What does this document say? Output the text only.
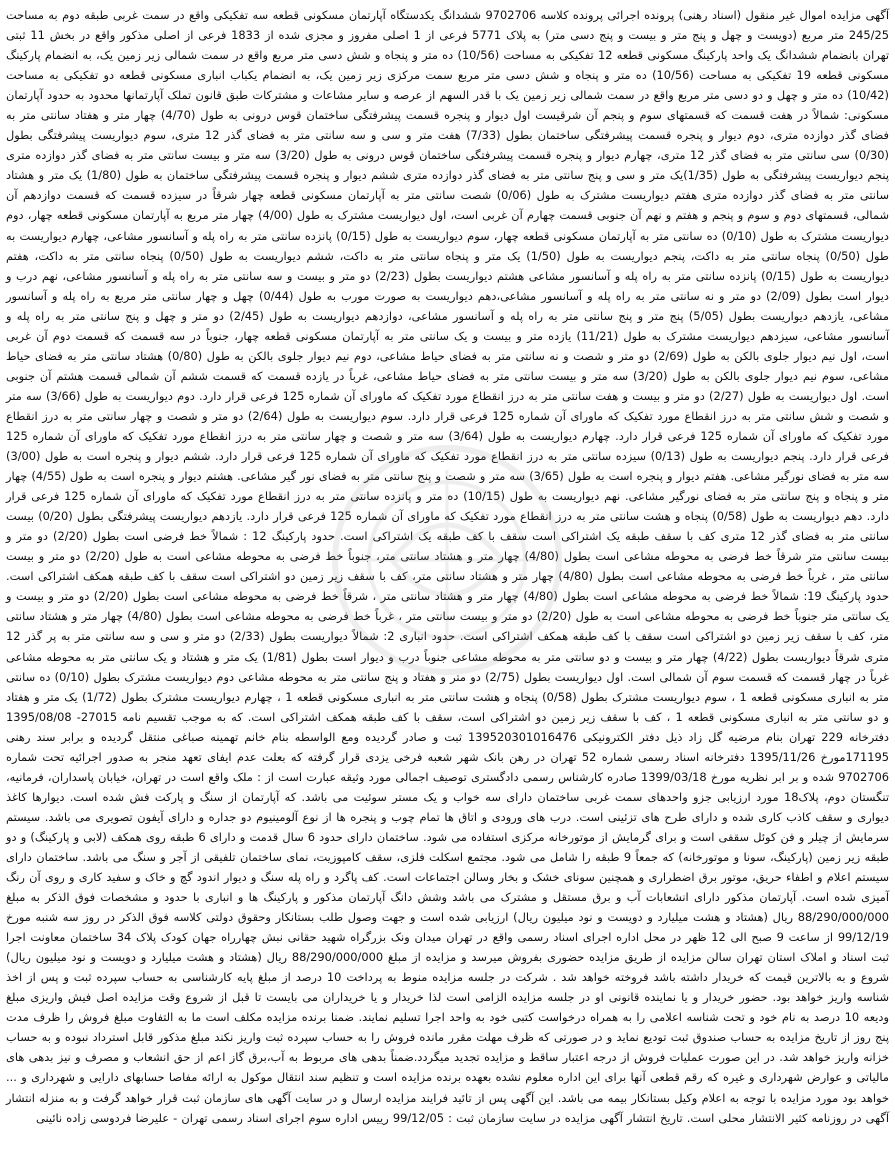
آگهی مزایده اموال غیر منقول (اسناد رهنی) پرونده اجرائی پرونده کلاسه 9702706 ششدانگ یکدستگاه آپارتمان مسکونی قطعه سه تفکیکی واقع در سمت غربی طبقه دوم به مساحت 245/25 متر مربع (دویست و چهل و پنج متر و بیست و پنج دسی متر) به پلاک 5771 فرعی از 1 اصلی مفروز و مجزی شده از 1833 فرعی از اصلی مذکور واقع در بخش 11 ثبتی تهران بانضمام ششدانگ یک واحد پارکینگ مسکونی قطعه 12 تفکیکی به مساحت (10/56) ده متر و پنجاه و شش دسی متر مربع واقع در سمت شمالی زیر زمین یک، به انضمام پارکینگ مسکونی قطعه 19 تفکیکی به مساحت (10/56) ده متر و پنجاه و شش دسی متر مربع سمت مرکزی زیر زمین یک، به انضمام یکباب انباری مسکونی قطعه دو تفکیکی به مساحت (10/42) ده متر و چهل و دو دسی متر مربع واقع در سمت شمالی زیر زمین یک با قدر السهم از عرصه و سایر مشاعات و مشترکات طبق قانون تملک آپارتمانها محدود به حدود آپارتمان مسکونی: شمالاً در هفت قسمت که قسمتهای سوم و پنجم آن شرقیست اول دیوار و پنجره قسمت پیشرفتگی ساختمان قوس درونی به طول (4/70) چهار متر و هفتاد سانتی متر به فضای گذر دوازده متری، دوم دیوار و پنجره قسمت پیشرفتگی ساختمان بطول (7/33) هفت متر و سی و سه سانتی متر به فضای گذر 12 متری، سوم دیواریست پیشرفتگی بطول (0/30) سی سانتی متر به فضای گذر 12 متری، چهارم دیوار و پنجره قسمت پیشرفتگی ساختمان قوس درونی به طول (3/20) سه متر و بیست سانتی متر به فضای گذر دوازده متری پنجم دیواریست پیشرفتگی به طول (1/35)یک متر و سی و پنج سانتی متر به فضای گذر دوازده متری ششم دیوار و پنجره قسمت پیشرفتگی ساختمان به طول (1/80) یک متر و هشتاد سانتی متر به فضای گذر دوازده متری هفتم دیواریست مشترک به طول (0/06) شصت سانتی متر به آپارتمان مسکونی قطعه چهار شرقاً در سیزده قسمت که قسمت دوازدهم آن شمالی، قسمتهای دوم و سوم و پنجم و هفتم و نهم آن جنوبی قسمت چهارم آن غربی است، اول دیواریست مشترک به طول (4/00) چهار متر مربع به آپارتمان مسکونی قطعه چهار، دوم دیواریست مشترک به طول (0/10) ده سانتی متر به آپارتمان مسکونی قطعه چهار، سوم دیواریست به طول (0/15) پانزده سانتی متر به راه پله و آسانسور مشاعی، چهارم دیواریست به طول (0/50) پنجاه سانتی متر به داکت، پنجم دیواریست به طول (1/50) یک متر و پنجاه سانتی متر به داکت، ششم دیواریست به طول (0/50) پنجاه سانتی متر به داکت، هفتم دیواریست به طول (0/15) پانزده سانتی متر به راه پله و آسانسور مشاعی هشتم دیواریست بطول (2/23) دو متر و بیست و سه سانتی متر به راه پله و آسانسور مشاعی، نهم درب و دیوار است بطول (2/09) دو متر و نه سانتی متر به راه پله و آسانسور مشاعی،دهم دیواریست به صورت مورب به طول (0/44) چهل و چهار سانتی متر مربع به راه پله و آسانسور مشاعی، یازدهم دیواریست بطول (5/05) پنج متر و پنج سانتی متر به راه پله و آسانسور مشاعی، دوازدهم دیواریست به طول (2/45) دو متر و چهل و پنج سانتی متر به راه پله و آسانسور مشاعی، سیزدهم دیواریست مشترک به طول (11/21) یازده متر و بیست و یک سانتی متر به آپارتمان مسکونی قطعه چهار، جنوباً در سه قسمت که قسمت دوم آن غربی است، اول نیم دیوار جلوی بالکن به طول (2/69) دو متر و شصت و نه سانتی متر به فضای حیاط مشاعی، دوم نیم دیوار جلوی بالکن به طول (0/80) هشتاد سانتی متر به فضای حیاط مشاعی، سوم نیم دیوار جلوی بالکن به طول (3/20) سه متر و بیست سانتی متر به فضای حیاط مشاعی، غرباً در یازده قسمت که قسمت ششم آن شمالی قسمت هشتم آن جنوبی است. اول دیواریست به طول (2/27) دو متر و بیست و هفت سانتی متر به درز انقطاع مورد تفکیک که ماورای آن شماره 125 فرعی قرار دارد. دوم دیواریست به طول (3/66) سه متر و شصت و شش سانتی متر به درز انقطاع مورد تفکیک که ماورای آن شماره 125 فرعی قرار دارد. سوم دیواریست به طول (2/64) دو متر و شصت و چهار سانتی متر به درز انقطاع مورد تفکیک که ماورای آن شماره 125 فرعی قرار دارد. چهارم دیواریست به طول (3/64) سه متر و شصت و چهار سانتی متر به درز انقطاع مورد تفکیک که ماورای آن شماره 125 فرعی قرار دارد. پنجم دیواریست به طول (0/13) سیزده سانتی متر به درز انقطاع مورد تفکیک که ماورای آن شماره 125 فرعی قرار دارد. ششم دیوار و پنجره است به طول (3/00) سه متر به فضای نورگیر مشاعی. هفتم دیوار و پنجره است به طول (3/65) سه متر و شصت و پنج سانتی متر به فضای نور گیر مشاعی. هشتم دیوار و پنجره است به طول (4/55) چهار متر و پنجاه و پنج سانتی متر به فضای نورگیر مشاعی. نهم دیواریست به طول (10/15) ده متر و پانزده سانتی متر به درز انقطاع مورد تفکیک که ماورای آن شماره 125 فرعی قرار دارد. دهم دیواریست به طول (0/58) پنجاه و هشت سانتی متر به درز انقطاع مورد تفکیک که ماورای آن شماره 125 فرعی قرار دارد. یازدهم دیواریست پیشرفتگی بطول (0/20) بیست سانتی متر به فضای گذر 12 متری کف با سقف طبقه یک اشتراکی است سقف با کف طبقه یک اشتراکی است. حدود پارکینگ 12 : شمالاً خط فرضی است بطول (2/20) دو متر و بیست سانتی متر شرقاً خط فرضی به محوطه مشاعی است بطول (4/80) چهار متر و هشتاد سانتی متر، جنوباً خط فرضی به محوطه مشاعی است به طول (2/20) دو متر و بیست سانتی متر ، غرباً خط فرضی به محوطه مشاعی است بطول (4/80) چهار متر و هشتاد سانتی متر، کف با سقف زیر زمین دو اشتراکی است سقف با کف طبقه همکف اشتراکی است. حدود پارکینگ 19: شمالاً خط فرضی به محوطه مشاعی است بطول (4/80) چهار متر و هشتاد سانتی متر ، شرقاً خط فرضی به محوطه مشاعی است بطول (2/20) دو متر و بیست و یک سانتی متر جنوباً خط فرضی به محوطه مشاعی است به طول (2/20) دو متر و بیست سانتی متر ، غرباً خط فرضی به محوطه مشاعی است بطول (4/80) چهار متر و هشتاد سانتی متر، کف با سقف زیر زمین دو اشتراکی است سقف با کف طبقه همکف اشتراکی است. حدود انباری 2: شمالاً دیواریست بطول (2/33) دو متر و سی و سه سانتی متر به پر گذر 12 متری شرقاً دیواریست بطول (4/22) چهار متر و بیست و دو سانتی متر به محوطه مشاعی جنوباً درب و دیوار است بطول (1/81) یک متر و هشتاد و یک سانتی متر به محوطه مشاعی غرباً در چهار قسمت که قسمت سوم آن شمالی است. اول دیواریست بطول (2/75) دو متر و هفتاد و پنج سانتی متر به محوطه مشاعی دوم دیواریست مشترک بطول (0/10) ده سانتی متر به انباری مسکونی قطعه 1 ، سوم دیواریست مشترک بطول (0/58) پنجاه و هشت سانتی متر به انباری مسکونی قطعه 1 ، چهارم دیواریست مشترک بطول (1/72) یک متر و هفتاد و دو سانتی متر به انباری مسکونی قطعه 1 ، کف با سقف زیر زمین دو اشتراکی است، سقف با کف طبقه همکف اشتراکی است. که به موجب تقسیم نامه 27015- 1395/08/08 دفترخانه 229 تهران بنام مرضیه گل زاد ذیل دفتر الکترونیکی 139520301016476 ثبت و صادر گردیده ومع الواسطه بنام خانم تهمینه صباغی منتقل گردیده و برابر سند رهنی 171195مورخ 1395/11/26 دفترخانه اسناد رسمی شماره 52 تهران در رهن بانک شهر شعبه فرخی یزدی قرار گرفته که بعلت عدم ایفای تعهد منجر به صدور اجرائیه تحت شماره 9702706 شده و بر ابر نظریه مورخ 1399/03/18 صادره کارشناس رسمی دادگستری توصیف اجمالی مورد وثیقه عبارت است از : ملک واقع است در تهران، خیابان پاسداران، فرمانیه، تنگستان دوم، پلاک18 مورد ارزیابی جزو واحدهای سمت غربی ساختمان دارای سه خواب و یک مستر سوئیت می باشد. که آپارتمان از سنگ و پارکت فش شده است. دیوارها کاغذ دیواری و سقف کاذب کاری شده و دارای طرح های تزئینی است. درب های ورودی و اتاق ها تمام چوب و پنجره ها از نوع آلومینیوم دو جداره و دارای آیفون تصویری می باشد. سیستم سرمایش از چیلر و فن کوئل سقفی است و برای گرمایش از موتورخانه مرکزی استفاده می شود. ساختمان دارای حدود 6 سال قدمت و دارای 6 طبقه روی همکف (لابی و پارکینگ) و دو طبقه زیر زمین (پارکینگ، سونا و موتورخانه) که جمعاً 9 طبقه را شامل می شود. مجتمع اسکلت فلزی، سقف کامپوزیت، نمای ساختمان تلفیقی از آجر و سنگ می باشد. ساختمان دارای سیستم اعلام و اطفاء حریق، موتور برق اضطراری و همچنین سونای خشک و بخار وسالن اجتماعات است. کف پاگرد و راه پله سنگ و دیوار اندود گچ و خاک و سفید کاری و روی آن رنگ آمیزی شده است. آپارتمان مذکور دارای انشعابات آب و برق مستقل و مشترک می باشد وشش دانگ آپارتمان مذکور و پارکینگ ها و انباری با حدود و مشخصات فوق الذکر به مبلغ 88/290/000/000 ریال (هشتاد و هشت میلیارد و دویست و نود میلیون ریال) ارزیابی شده است و جهت وصول طلب بستانکار وحقوق دولتی کلاسه فوق الذکر در روز سه شنبه مورخ 99/12/19 از ساعت 9 صبح الی 12 ظهر در محل اداره اجرای اسناد رسمی واقع در تهران میدان ونک بزرگراه شهید حقانی نبش چهارراه جهان کودک پلاک 34 ساختمان معاونت اجرا ثبت اسناد و املاک استان تهران سالن مزایده از طریق مزایده حضوری بفروش میرسد و مزایده از مبلغ 88/290/000/000 ریال (هشتاد و هشت میلیارد و دویست و نود میلیون ریال) شروع و به بالاترین قیمت که خریدار داشته باشد فروخته خواهد شد . شرکت در جلسه مزایده منوط به پرداخت 10 درصد از مبلغ پایه کارشناسی به حساب سپرده ثبت و پس از اخذ شناسه واریز خواهد بود. حضور خریدار و یا نماینده قانونی او در جلسه مزایده الزامی است لذا خریدار و یا خریداران می بایست تا قبل از شروع وقت مزایده اصل فیش واریزی مبلغ ودیعه 10 درصد به نام خود و تحت شناسه اعلامی را به همراه درخواست کتبی خود به واحد اجرا تسلیم نمایند. ضمنا برنده مزایده مکلف است ما به التفاوت مبلغ فروش را ظرف مدت پنج روز از تاریخ مزایده به حساب صندوق ثبت تودیع نماید و در صورتی که ظرف مهلت مقرر مانده فروش را به حساب سپرده ثبت واریز نکند مبلغ مذکور قابل استرداد نبوده و به حساب خزانه واریز خواهد شد. در این صورت عملیات فروش از درجه اعتبار ساقط و مزایده تجدید میگردد.ضمناً بدهی های مربوط به آب،برق گاز اعم از حق انشعاب و مصرف و نیز بدهی های مالیاتی و عوارض شهرداری و غیره که رقم قطعی آنها برای این اداره معلوم نشده بعهده برنده مزایده است و تنظیم سند انتقال موکول به ارائه مفاصا حسابهای دارایی و شهرداری و ... خواهد بود مورد مزایده با توجه به اعلام وکیل بستانکار بیمه می باشد. این آگهی پس از تائید فرایند مزایده ارسال و در سایت آگهی های سازمان ثبت قرار خواهد گرفت و به منزله انتشار آگهی در روزنامه کثیر الانتشار محلی است. تاریخ انتشار آگهی مزایده در سایت سازمان ثبت : 99/12/05 رییس اداره سوم اجرای اسناد رسمی تهران - علیرضا فردوسی زاده نائینی
